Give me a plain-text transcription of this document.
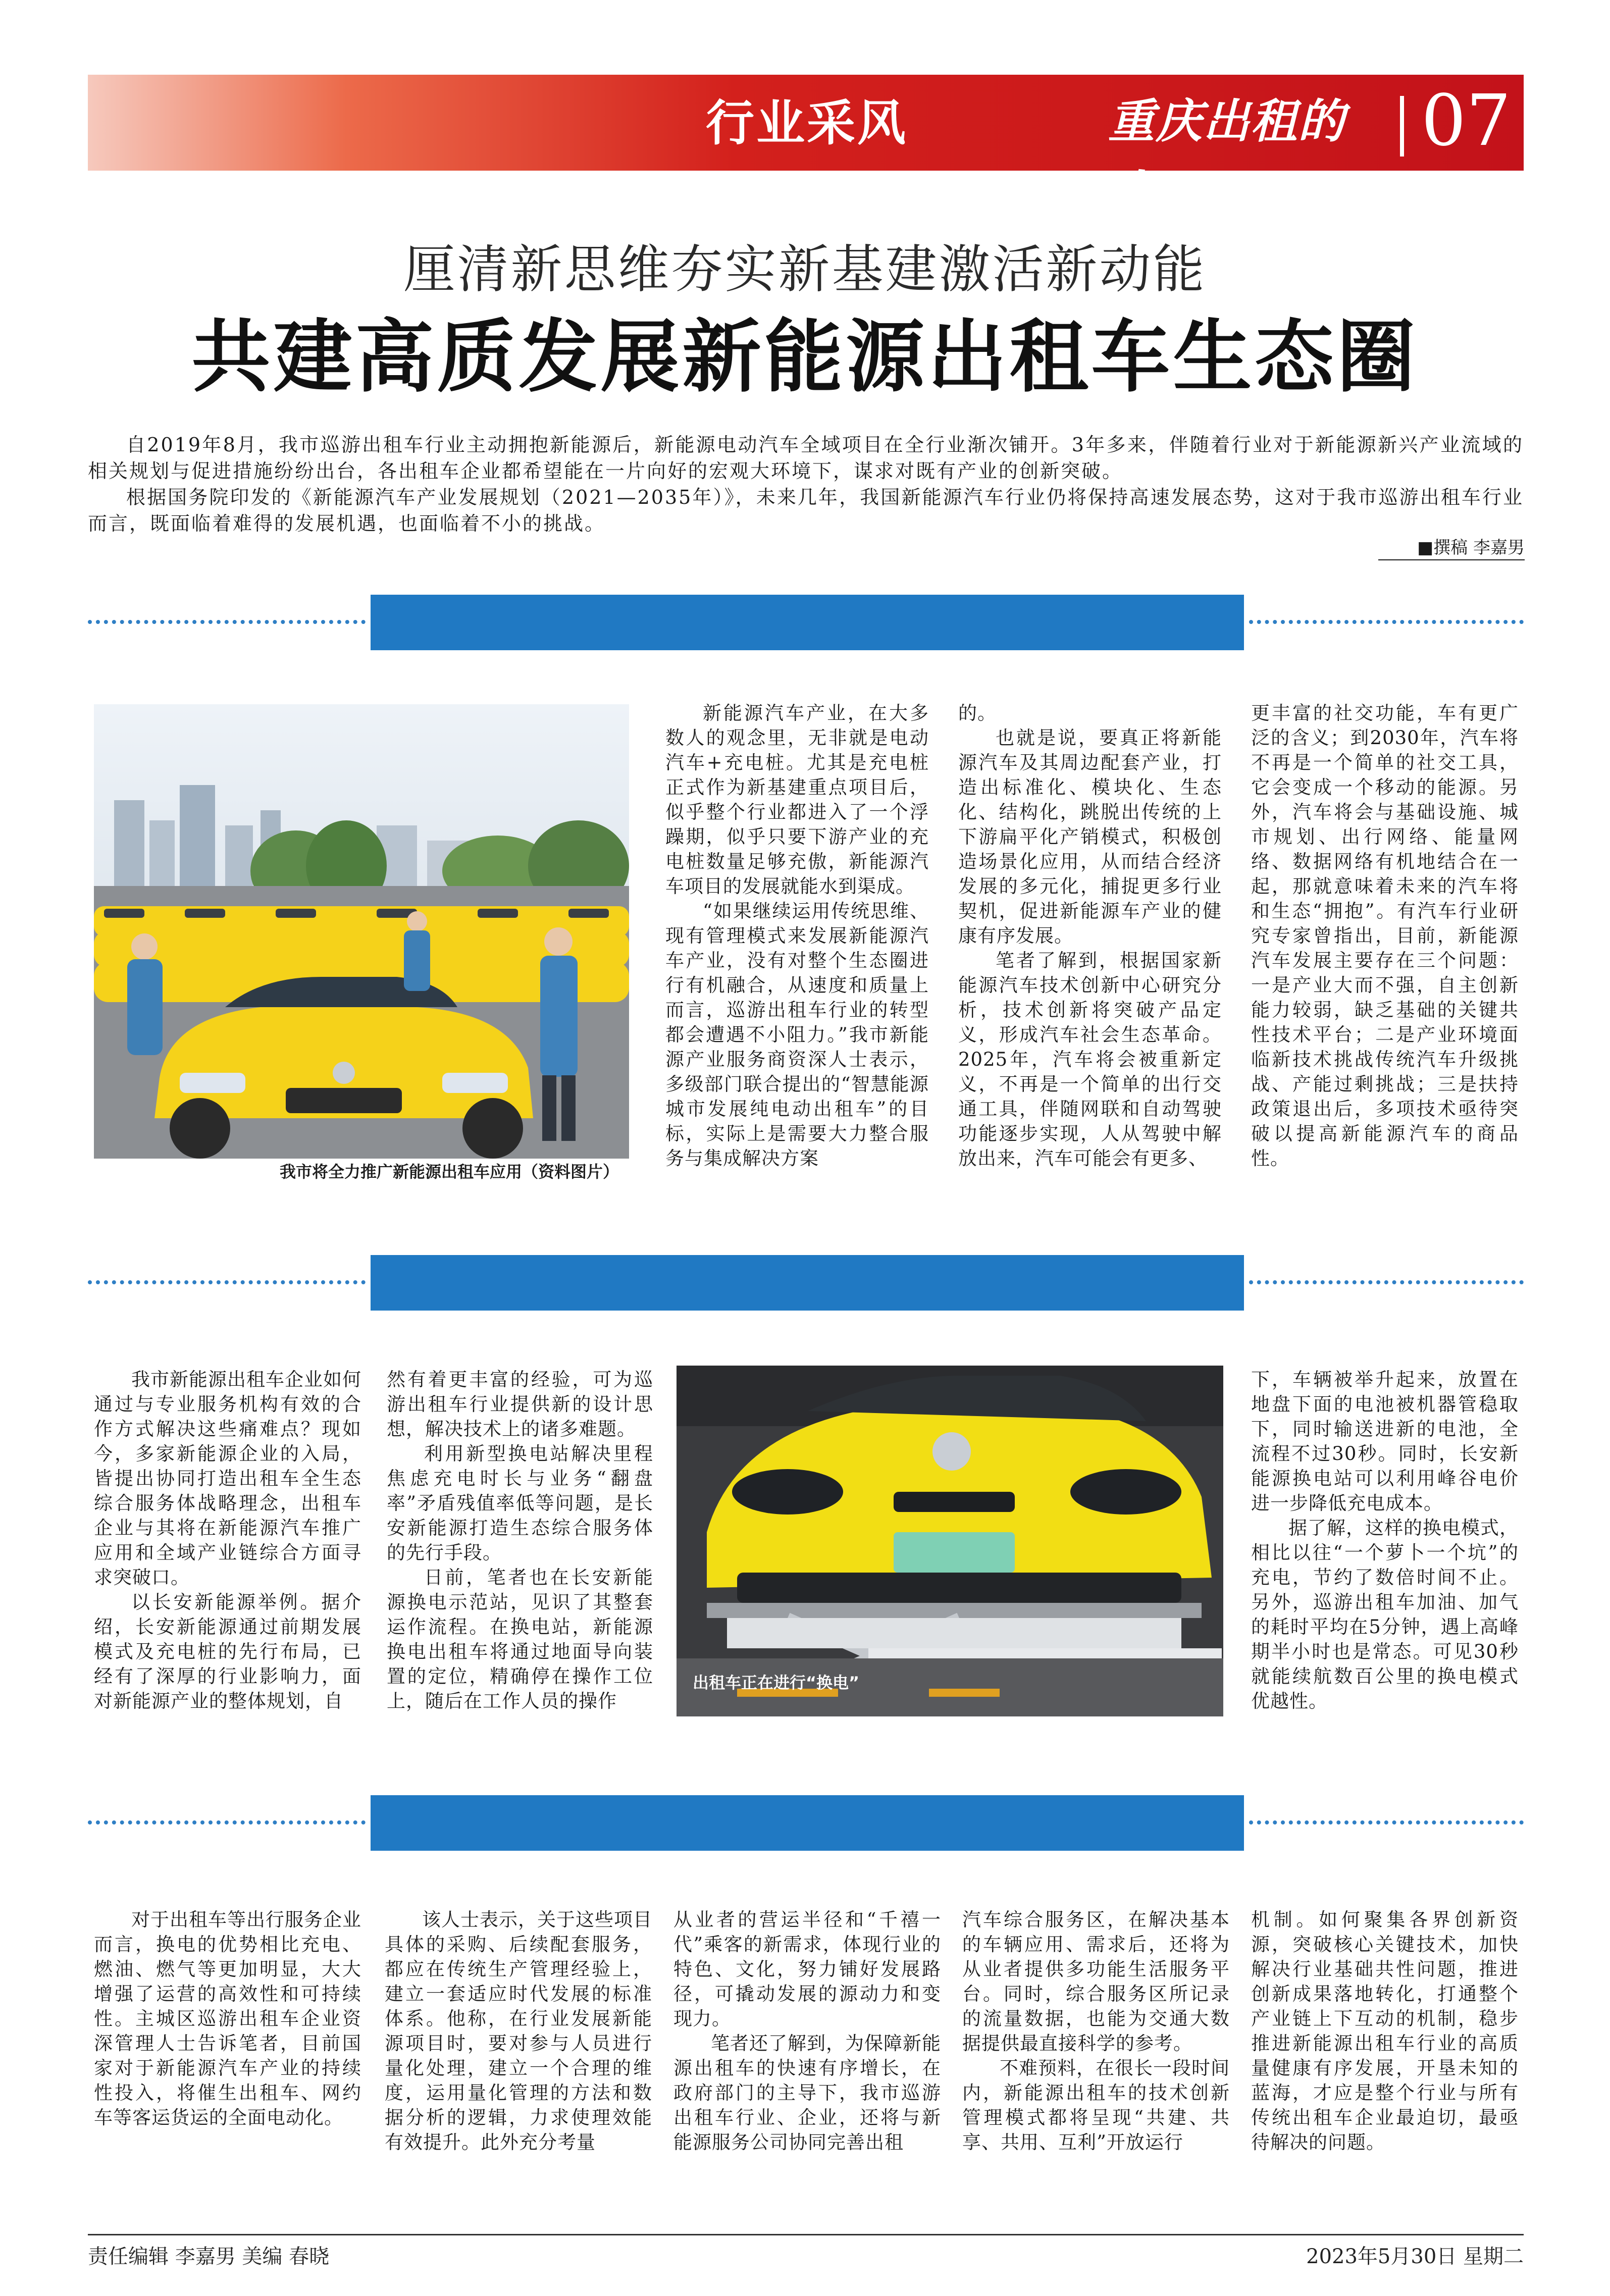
行业采风	重庆出租的士
07
厘清新思维夯实新基建激活新动能
共建高质发展新能源出租车生态圈

自2019年8月，我市巡游出租车行业主动拥抱新能源后，新能源电动汽车全域项目在全行业渐次铺开。3年多来，伴随着行业对于新能源新兴产业流域的相关规划与促进措施纷纷出台，各出租车企业都希望能在一片向好的宏观大环境下，谋求对既有产业的创新突破。

根据国务院印发的《新能源汽车产业发展规划（2021—2035年）》，未来几年，我国新能源汽车行业仍将保持高速发展态势，这对于我市巡游出租车行业而言，既面临着难得的发展机遇，也面临着不小的挑战。

■撰稿 李嘉男
我市将全力推广新能源出租车应用（资料图片）

新能源汽车产业，在大多数人的观念里，无非就是电动汽车+充电桩。尤其是充电桩正式作为新基建重点项目后，似乎整个行业都进入了一个浮躁期，似乎只要下游产业的充电桩数量足够充傲，新能源汽车项目的发展就能水到渠成。

“如果继续运用传统思维、现有管理模式来发展新能源汽车产业，没有对整个生态圈进行有机融合，从速度和质量上而言，巡游出租车行业的转型都会遭遇不小阻力。”我市新能源产业服务商资深人士表示，多级部门联合提出的“智慧能源城市发展纯电动出租车”的目标，实际上是需要大力整合服务与集成解决方案

的。

也就是说，要真正将新能源汽车及其周边配套产业，打造出标准化、模块化、生态化、结构化，跳脱出传统的上下游扁平化产销模式，积极创造场景化应用，从而结合经济发展的多元化，捕捉更多行业契机，促进新能源车产业的健康有序发展。

笔者了解到，根据国家新能源汽车技术创新中心研究分析，技术创新将突破产品定义，形成汽车社会生态革命。2025年，汽车将会被重新定义，不再是一个简单的出行交通工具，伴随网联和自动驾驶功能逐步实现，人从驾驶中解放出来，汽车可能会有更多、

更丰富的社交功能，车有更广泛的含义；到2030年，汽车将不再是一个简单的社交工具，它会变成一个移动的能源。另外，汽车将会与基础设施、城市规划、出行网络、能量网络、数据网络有机地结合在一起，那就意味着未来的汽车将和生态“拥抱”。有汽车行业研究专家曾指出，目前，新能源汽车发展主要存在三个问题：一是产业大而不强，自主创新能力较弱，缺乏基础的关键共性技术平台；二是产业环境面临新技术挑战传统汽车升级挑战、产能过剩挑战；三是扶持政策退出后，多项技术亟待突破以提高新能源汽车的商品性。

我市新能源出租车企业如何通过与专业服务机构有效的合作方式解决这些痛难点？现如今，多家新能源企业的入局，皆提出协同打造出租车全生态综合服务体战略理念，出租车企业与其将在新能源汽车推广应用和全域产业链综合方面寻求突破口。

以长安新能源举例。据介绍，长安新能源通过前期发展模式及充电桩的先行布局，已经有了深厚的行业影响力，面对新能源产业的整体规划，自

然有着更丰富的经验，可为巡游出租车行业提供新的设计思想，解决技术上的诸多难题。

利用新型换电站解决里程焦虑充电时长与业务“翻盘率”矛盾残值率低等问题，是长安新能源打造生态综合服务体的先行手段。

日前，笔者也在长安新能源换电示范站，见识了其整套运作流程。在换电站，新能源换电出租车将通过地面导向装置的定位，精确停在操作工位上，随后在工作人员的操作

出租车正在进行“换电”

下，车辆被举升起来，放置在地盘下面的电池被机器管稳取下，同时输送进新的电池，全流程不过30秒。同时，长安新能源换电站可以利用峰谷电价进一步降低充电成本。

据了解，这样的换电模式，相比以往“一个萝卜一个坑”的充电，节约了数倍时间不止。另外，巡游出租车加油、加气的耗时平均在5分钟，遇上高峰期半小时也是常态。可见30秒就能续航数百公里的换电模式优越性。

对于出租车等出行服务企业而言，换电的优势相比充电、燃油、燃气等更加明显，大大增强了运营的高效性和可持续性。主城区巡游出租车企业资深管理人士告诉笔者，目前国家对于新能源汽车产业的持续性投入，将催生出租车、网约车等客运货运的全面电动化。

该人士表示，关于这些项目具体的采购、后续配套服务，都应在传统生产管理经验上，建立一套适应时代发展的标准体系。他称，在行业发展新能源项目时，要对参与人员进行量化处理，建立一个合理的维度，运用量化管理的方法和数据分析的逻辑，力求使理效能有效提升。此外充分考量

从业者的营运半径和“千禧一代”乘客的新需求，体现行业的特色、文化，努力铺好发展路径，可撬动发展的源动力和变现力。

笔者还了解到，为保障新能源出租车的快速有序增长，在政府部门的主导下，我市巡游出租车行业、企业，还将与新能源服务公司协同完善出租

汽车综合服务区，在解决基本的车辆应用、需求后，还将为从业者提供多功能生活服务平台。同时，综合服务区所记录的流量数据，也能为交通大数据提供最直接科学的参考。

不难预料，在很长一段时间内，新能源出租车的技术创新管理模式都将呈现“共建、共享、共用、互利”开放运行

机制。如何聚集各界创新资源，突破核心关键技术，加快解决行业基础共性问题，推进创新成果落地转化，打通整个产业链上下互动的机制，稳步推进新能源出租车行业的高质量健康有序发展，开垦未知的蓝海，才应是整个行业与所有传统出租车企业最迫切，最亟待解决的问题。

责任编辑 李嘉男 美编 春晓	2023年5月30日 星期二
